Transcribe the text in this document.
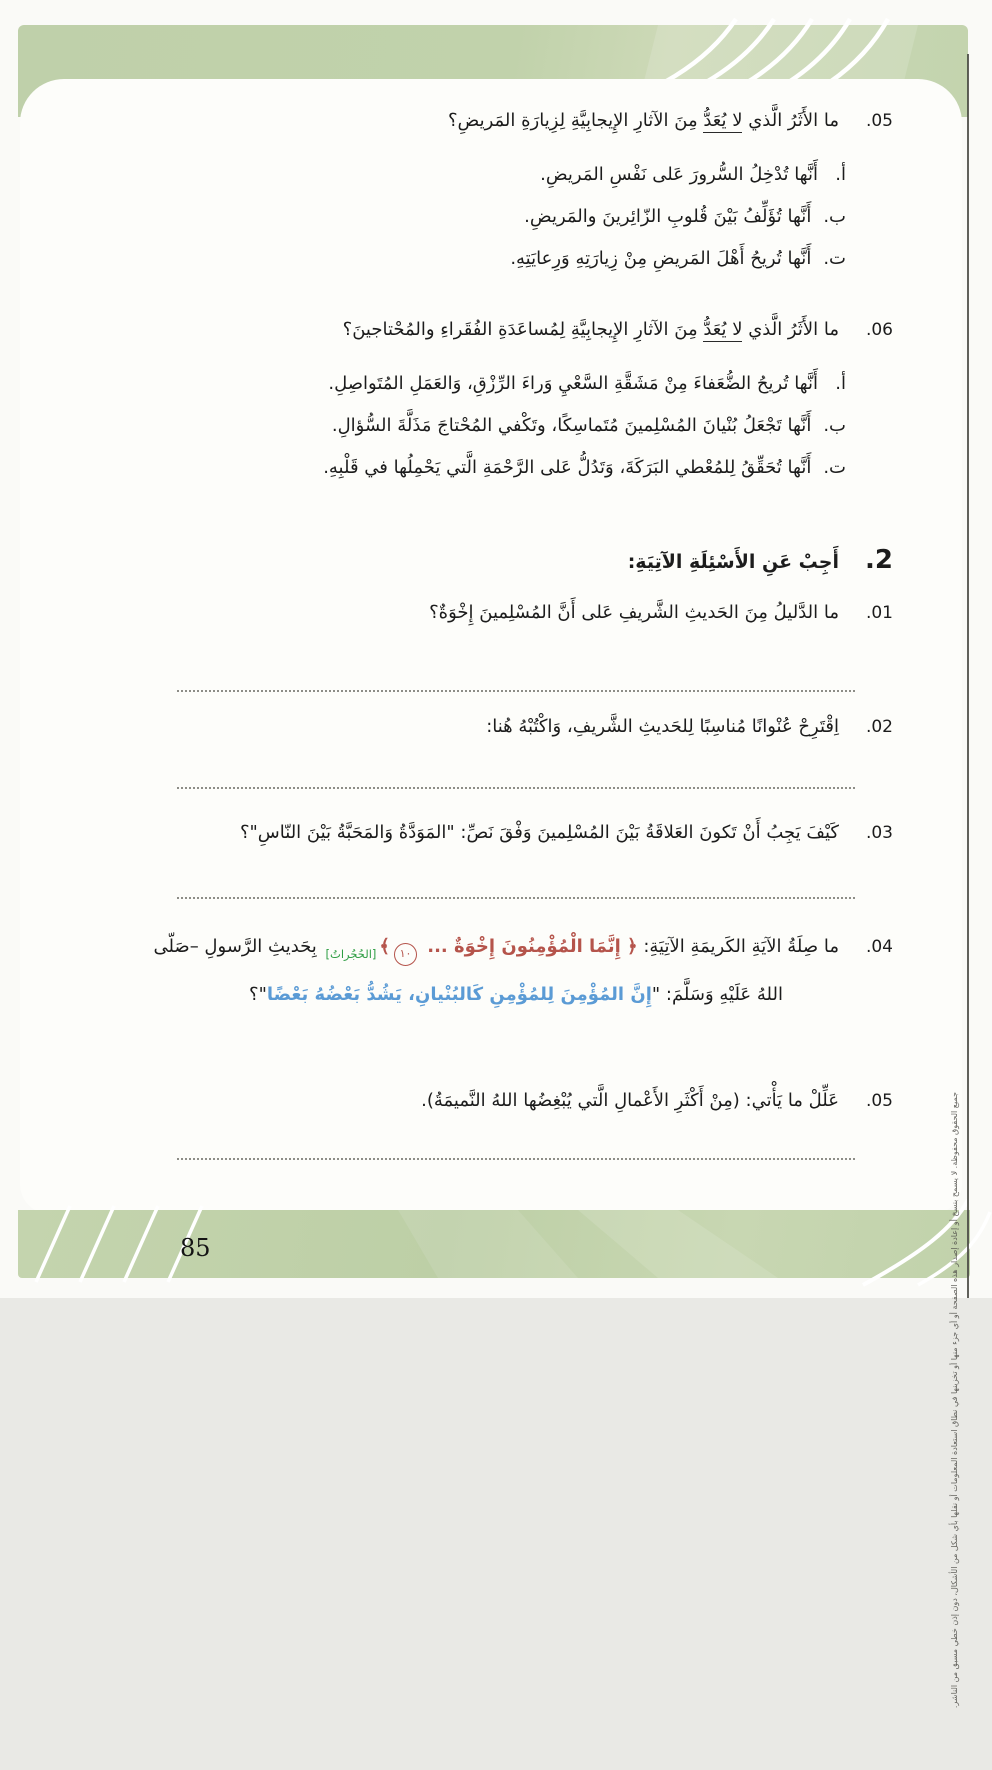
85	جميع الحقوق محفوظة. لا يسمح بنسخ أو إعادة إصدار هذه الصفحة أو أي جزء منها أو تخزينها في نطاق استعادة المعلومات أو نقلها بأي شكل من الأشكال، دون إذن خطي مسبق من الناشر.
05.
ما الأَثَرُ الَّذي لا يُعَدُّ مِنَ الآثارِ الإِيجابِيَّةِ لِزِيارَةِ المَريضِ؟
أ.
أَنَّها تُدْخِلُ السُّرورَ عَلى نَفْسِ المَريضِ.
ب.
أَنَّها تُؤَلِّفُ بَيْنَ قُلوبِ الزّائِرينَ والمَريضِ.
ت.
أَنَّها تُريحُ أَهْلَ المَريضِ مِنْ زِيارَتِهِ وَرِعايَتِهِ.
06.
ما الأَثَرُ الَّذي لا يُعَدُّ مِنَ الآثارِ الإِيجابِيَّةِ لِمُساعَدَةِ الفُقَراءِ والمُحْتاجينَ؟
أ.
أَنَّها تُريحُ الضُّعَفاءَ مِنْ مَشَقَّةِ السَّعْيِ وَراءَ الرِّزْقِ، وَالعَمَلِ المُتَواصِلِ.
ب.
أَنَّها تَجْعَلُ بُنْيانَ المُسْلِمينَ مُتَماسِكًا، وتَكْفي المُحْتاجَ مَذَلَّةَ السُّؤالِ.
ت.
أَنَّها تُحَقِّقُ لِلمُعْطي البَرَكَةَ، وَتَدُلُّ عَلى الرَّحْمَةِ الَّتي يَحْمِلُها في قَلْبِهِ.
2.
أَجِبْ عَنِ الأَسْئِلَةِ الآتِيَةِ:
01.
ما الدَّليلُ مِنَ الحَديثِ الشَّريفِ عَلى أَنَّ المُسْلِمينَ إِخْوَةٌ؟
02.
اِقْتَرِحْ عُنْوانًا مُناسِبًا لِلحَديثِ الشَّريفِ، وَاكْتُبْهُ هُنا:
03.
كَيْفَ يَجِبُ أَنْ تَكونَ العَلاقَةُ بَيْنَ المُسْلِمينَ وَفْقَ نَصِّ: "المَوَدَّةُ وَالمَحَبَّةُ بَيْنَ النّاسِ"؟
04.
ما صِلَةُ الآيَةِ الكَريمَةِ الآتِيَةِ: ﴿ إِنَّمَا الْمُؤْمِنُونَ إِخْوَةٌ ... $١٠﴾_{[الحُجُراتُ]}$ بِحَديثِ الرَّسولِ –صَلّى
اللهُ عَلَيْهِ وَسَلَّمَ: "إِنَّ المُؤْمِنَ لِلمُؤْمِنِ كَالبُنْيانِ، يَشُدُّ بَعْضُهُ بَعْضًا"؟
05.
عَلِّلْ ما يَأْتي: (مِنْ أَكْثَرِ الأَعْمالِ الَّتي يُبْغِضُها اللهُ النَّميمَةُ).
